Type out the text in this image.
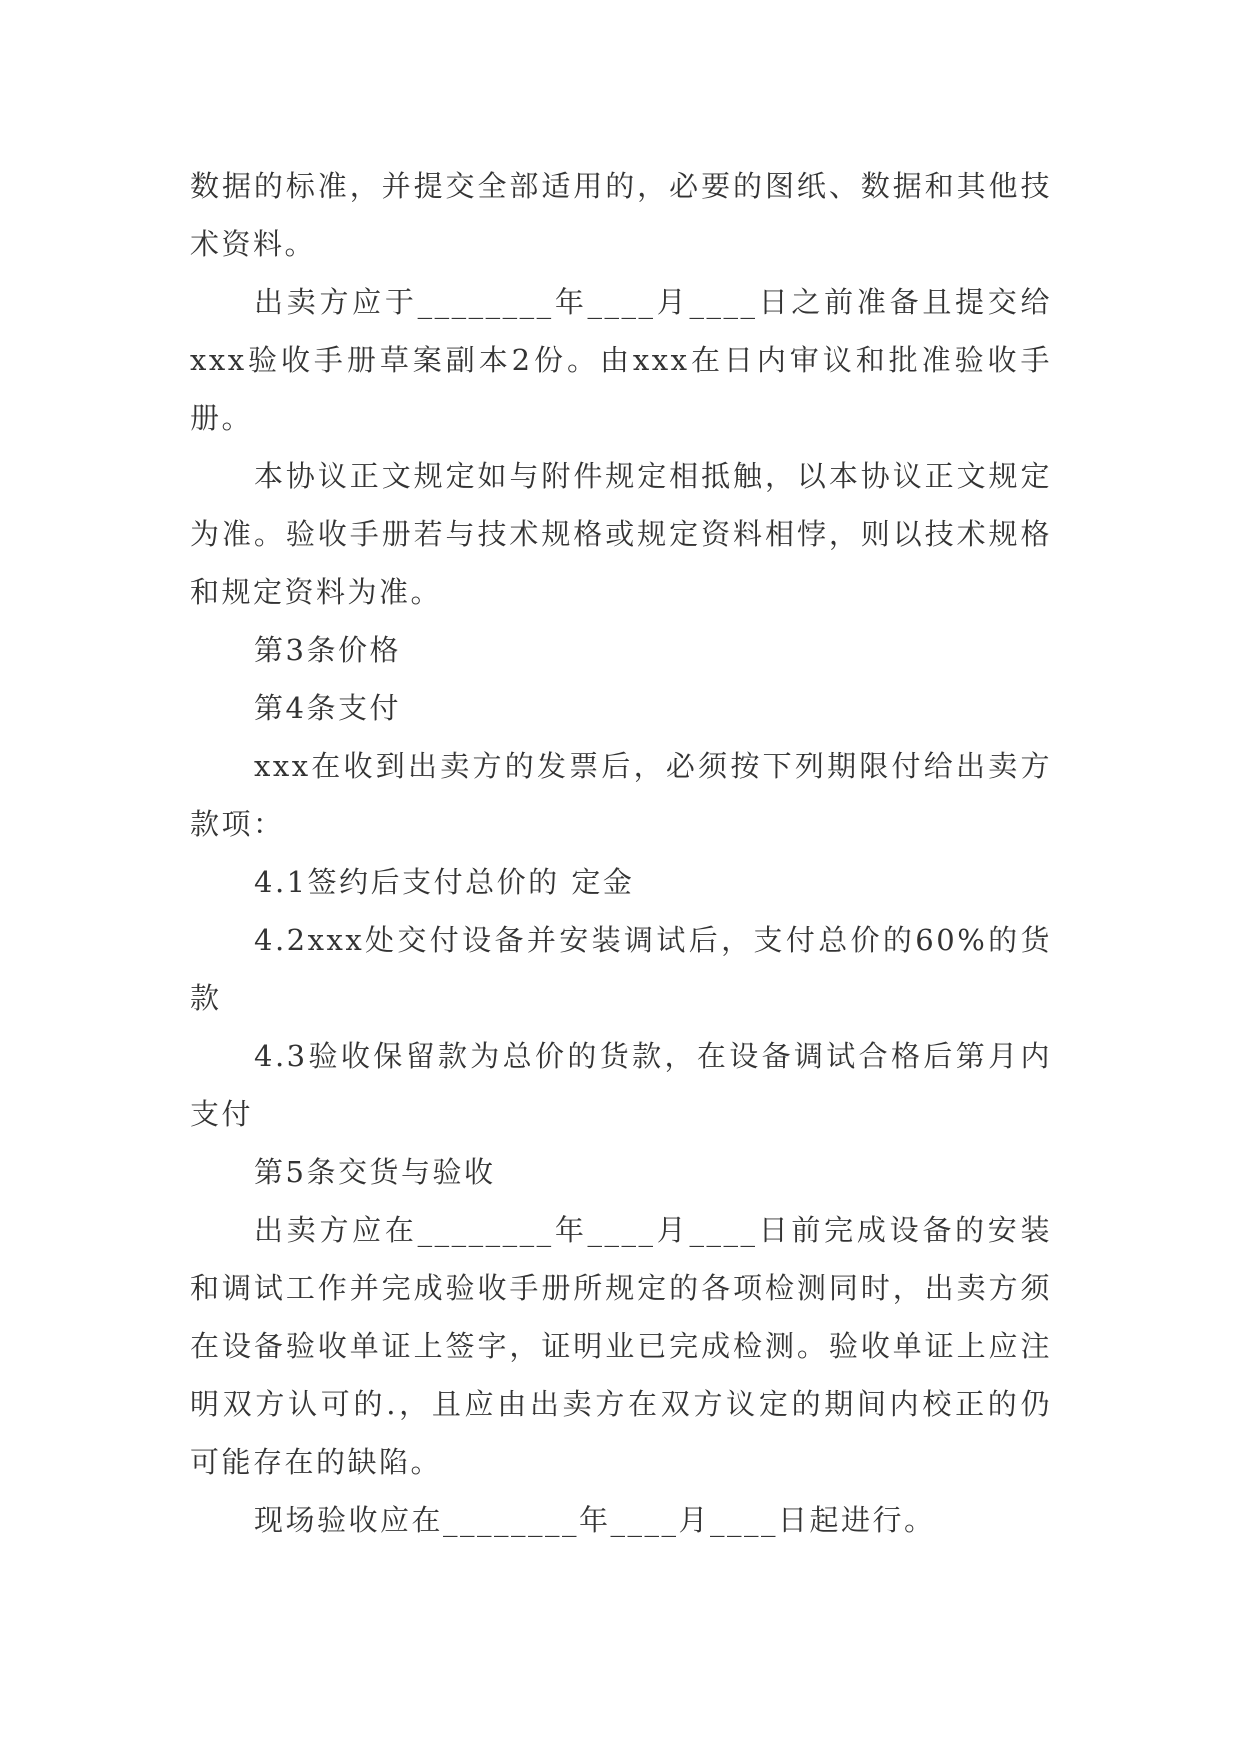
数据的标准，并提交全部适用的，必要的图纸、数据和其他技术资料。

出卖方应于________年____月____日之前准备且提交给xxx验收手册草案副本2份。由xxx在日内审议和批准验收手册。

本协议正文规定如与附件规定相抵触，以本协议正文规定为准。验收手册若与技术规格或规定资料相悖，则以技术规格和规定资料为准。

第3条价格

第4条支付

xxx在收到出卖方的发票后，必须按下列期限付给出卖方款项：

4.1签约后支付总价的 定金

4.2xxx处交付设备并安装调试后，支付总价的60%的货款

4.3验收保留款为总价的货款，在设备调试合格后第月内支付

第5条交货与验收

出卖方应在________年____月____日前完成设备的安装和调试工作并完成验收手册所规定的各项检测同时，出卖方须在设备验收单证上签字，证明业已完成检测。验收单证上应注明双方认可的.，且应由出卖方在双方议定的期间内校正的仍可能存在的缺陷。

现场验收应在________年____月____日起进行。
